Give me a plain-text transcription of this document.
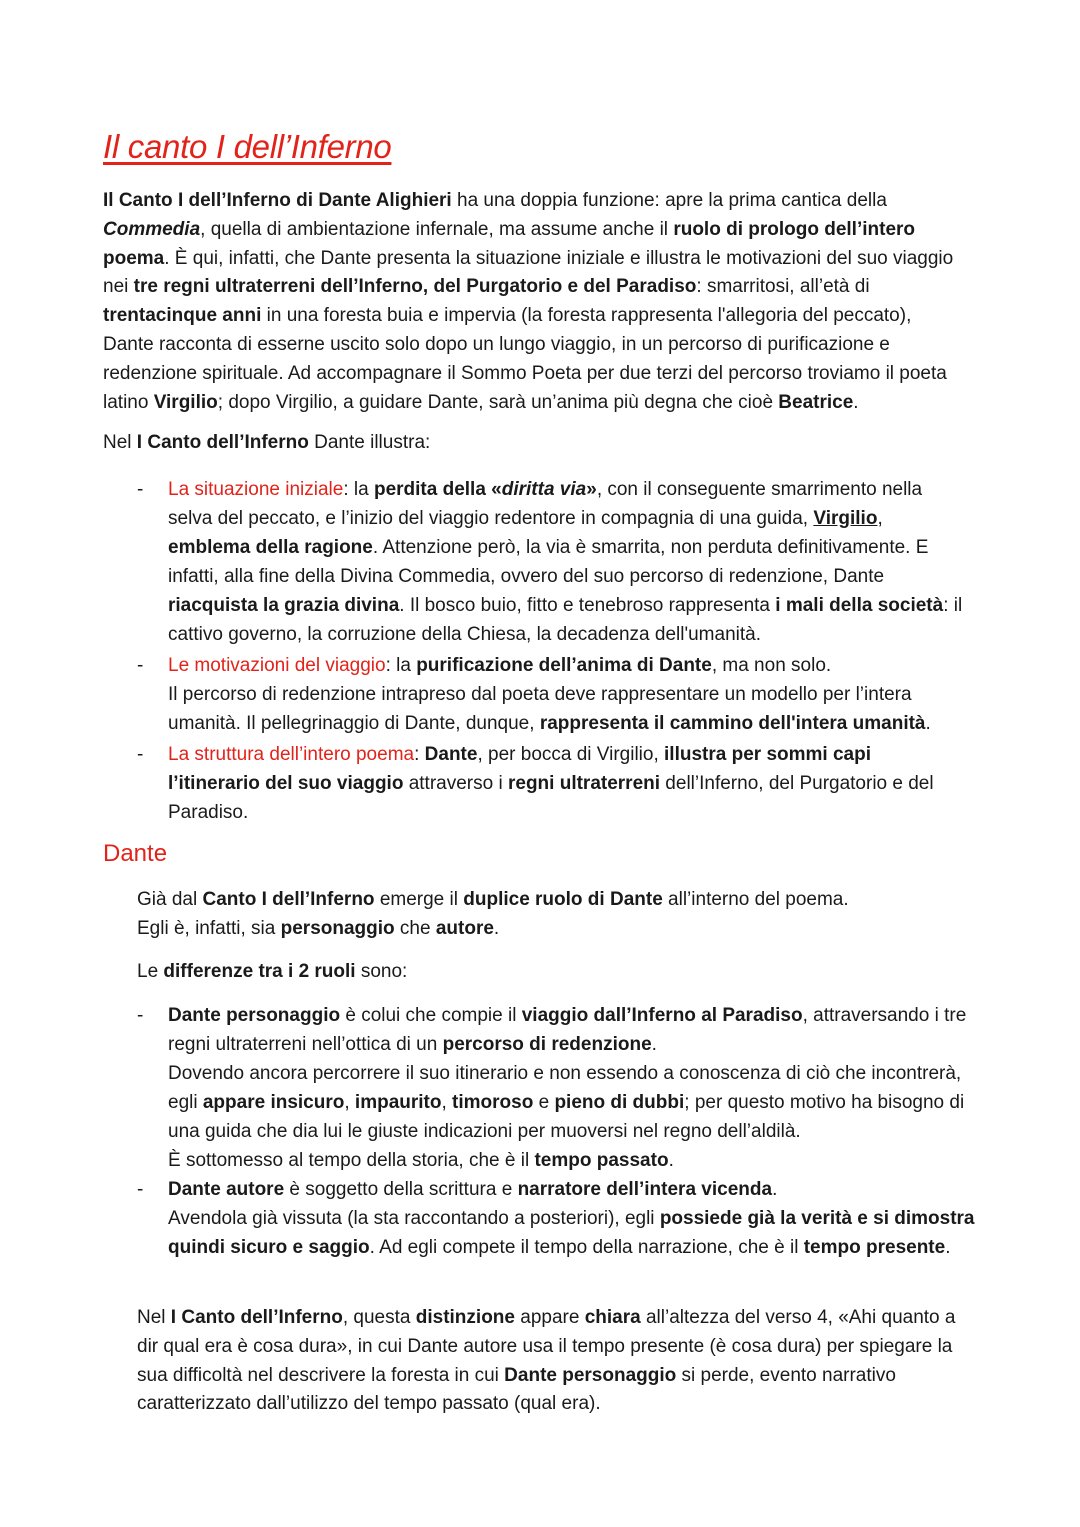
Il canto I dell’Inferno

Il Canto I dell’Inferno di Dante Alighieri ha una doppia funzione: apre la prima cantica della Commedia, quella di ambientazione infernale, ma assume anche il ruolo di prologo dell’intero poema. È qui, infatti, che Dante presenta la situazione iniziale e illustra le motivazioni del suo viaggio nei tre regni ultraterreni dell’Inferno, del Purgatorio e del Paradiso: smarritosi, all’età di trentacinque anni in una foresta buia e impervia (la foresta rappresenta l'allegoria del peccato), Dante racconta di esserne uscito solo dopo un lungo viaggio, in un percorso di purificazione e redenzione spirituale. Ad accompagnare il Sommo Poeta per due terzi del percorso troviamo il poeta latino Virgilio; dopo Virgilio, a guidare Dante, sarà un’anima più degna che cioè Beatrice.

Nel I Canto dell’Inferno Dante illustra:

- La situazione iniziale: la perdita della «diritta via», con il conseguente smarrimento nella selva del peccato, e l’inizio del viaggio redentore in compagnia di una guida, Virgilio, emblema della ragione. Attenzione però, la via è smarrita, non perduta definitivamente. E infatti, alla fine della Divina Commedia, ovvero del suo percorso di redenzione, Dante riacquista la grazia divina. Il bosco buio, fitto e tenebroso rappresenta i mali della società: il cattivo governo, la corruzione della Chiesa, la decadenza dell'umanità.
- Le motivazioni del viaggio: la purificazione dell’anima di Dante, ma non solo.
Il percorso di redenzione intrapreso dal poeta deve rappresentare un modello per l’intera umanità. Il pellegrinaggio di Dante, dunque, rappresenta il cammino dell'intera umanità.
- La struttura dell’intero poema: Dante, per bocca di Virgilio, illustra per sommi capi l’itinerario del suo viaggio attraverso i regni ultraterreni dell’Inferno, del Purgatorio e del Paradiso.
Dante

Già dal Canto I dell’Inferno emerge il duplice ruolo di Dante all’interno del poema.
Egli è, infatti, sia personaggio che autore.

Le differenze tra i 2 ruoli sono:

- Dante personaggio è colui che compie il viaggio dall’Inferno al Paradiso, attraversando i tre regni ultraterreni nell’ottica di un percorso di redenzione.
Dovendo ancora percorrere il suo itinerario e non essendo a conoscenza di ciò che incontrerà, egli appare insicuro, impaurito, timoroso e pieno di dubbi; per questo motivo ha bisogno di una guida che dia lui le giuste indicazioni per muoversi nel regno dell’aldilà.
È sottomesso al tempo della storia, che è il tempo passato.
- Dante autore è soggetto della scrittura e narratore dell’intera vicenda.
Avendola già vissuta (la sta raccontando a posteriori), egli possiede già la verità e si dimostra quindi sicuro e saggio. Ad egli compete il tempo della narrazione, che è il tempo presente.

Nel I Canto dell’Inferno, questa distinzione appare chiara all’altezza del verso 4, «Ahi quanto a dir qual era è cosa dura», in cui Dante autore usa il tempo presente (è cosa dura) per spiegare la sua difficoltà nel descrivere la foresta in cui Dante personaggio si perde, evento narrativo caratterizzato dall’utilizzo del tempo passato (qual era).
